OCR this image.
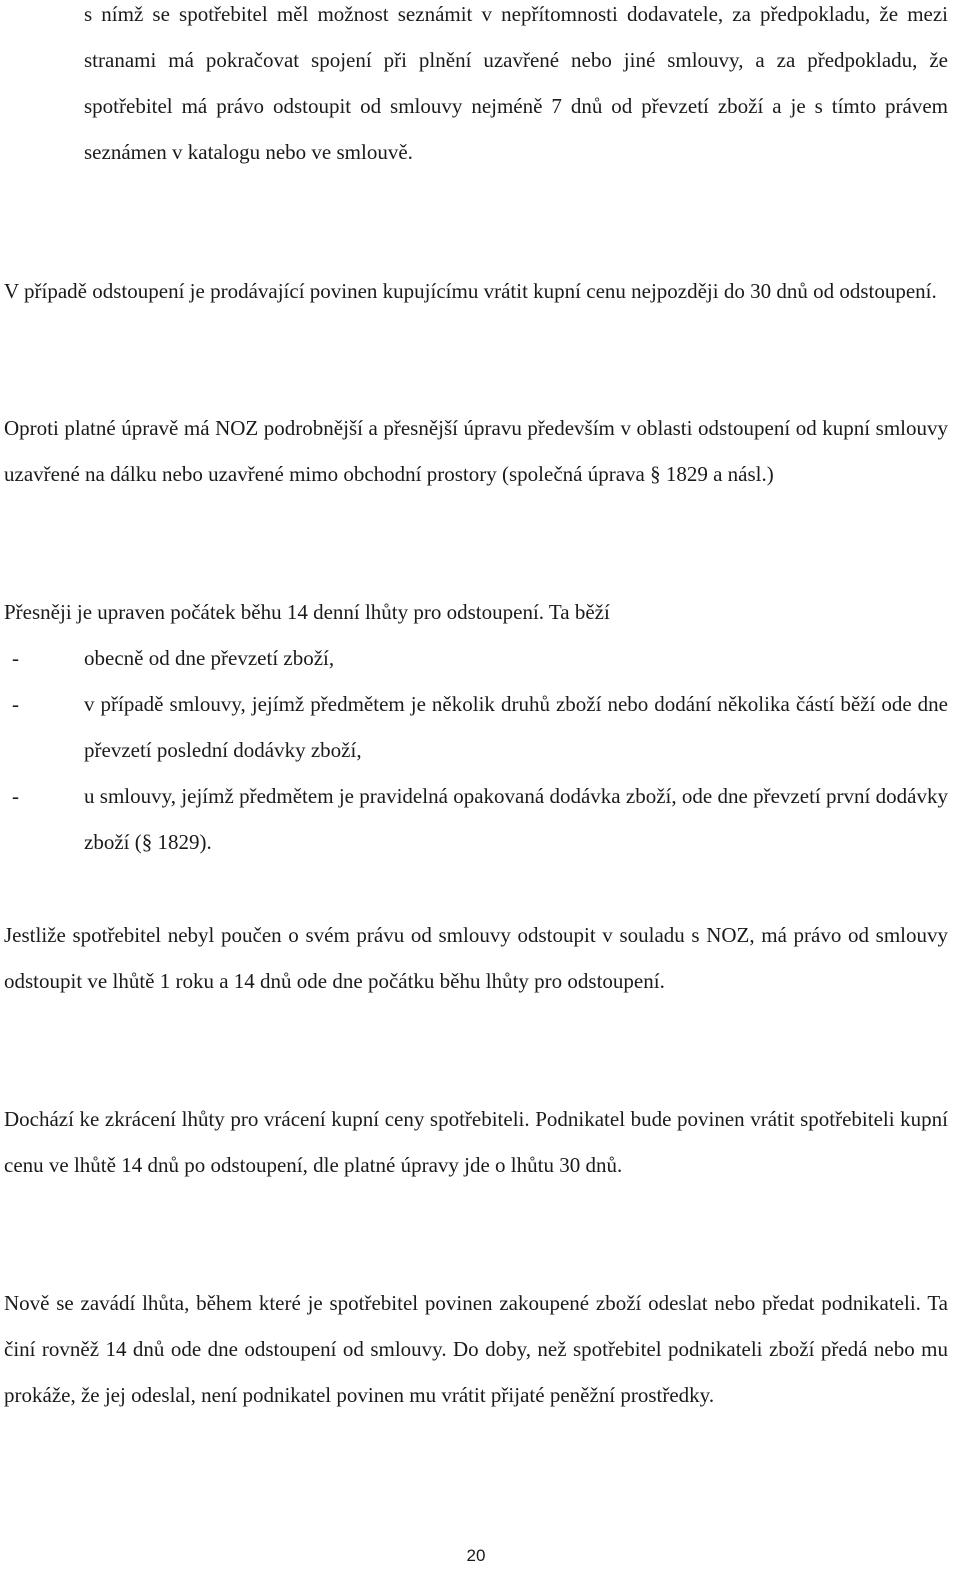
s nímž se spotřebitel měl možnost seznámit v nepřítomnosti dodavatele, za předpokladu, že mezi stranami má pokračovat spojení při plnění uzavřené nebo jiné smlouvy, a za předpokladu, že spotřebitel má právo odstoupit od smlouvy nejméně 7 dnů od převzetí zboží a je s tímto právem seznámen v katalogu nebo ve smlouvě.

V případě odstoupení je prodávající povinen kupujícímu vrátit kupní cenu nejpozději do 30 dnů od odstoupení.

Oproti platné úpravě má NOZ podrobnější a přesnější úpravu především v oblasti odstoupení od kupní smlouvy uzavřené na dálku nebo uzavřené mimo obchodní prostory (společná úprava § 1829 a násl.)

Přesněji je upraven počátek běhu 14 denní lhůty pro odstoupení. Ta běží

-	obecně od dne převzetí zboží,
-	v případě smlouvy, jejímž předmětem je několik druhů zboží nebo dodání několika částí běží ode dne převzetí poslední dodávky zboží,
-	u smlouvy, jejímž předmětem je pravidelná opakovaná dodávka zboží, ode dne převzetí první dodávky zboží (§ 1829).

Jestliže spotřebitel nebyl poučen o svém právu od smlouvy odstoupit v souladu s NOZ, má právo od smlouvy odstoupit ve lhůtě 1 roku a 14 dnů ode dne počátku běhu lhůty pro odstoupení.

Dochází ke zkrácení lhůty pro vrácení kupní ceny spotřebiteli. Podnikatel bude povinen vrátit spotřebiteli kupní cenu ve lhůtě 14 dnů po odstoupení, dle platné úpravy jde o lhůtu 30 dnů.

Nově se zavádí lhůta, během které je spotřebitel povinen zakoupené zboží odeslat nebo předat podnikateli. Ta činí rovněž 14 dnů ode dne odstoupení od smlouvy. Do doby, než spotřebitel podnikateli zboží předá nebo mu prokáže, že jej odeslal, není podnikatel povinen mu vrátit přijaté peněžní prostředky.

20
